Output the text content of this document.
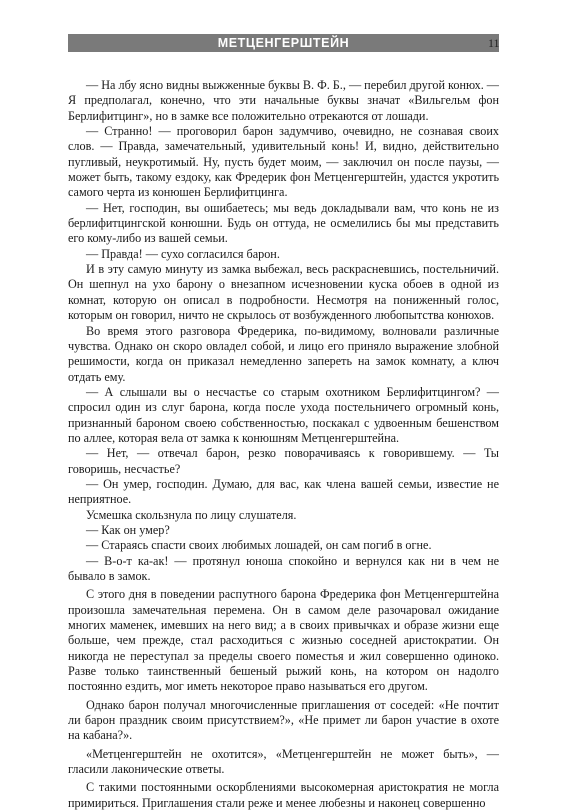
МЕТЦЕНГЕРШТЕЙН	11

— На лбу ясно видны выжженные буквы В. Ф. Б., — перебил другой конюх. — Я предполагал, конечно, что эти начальные буквы значат «Вильгельм фон Берлифитцинг», но в замке все положительно отрекаются от лошади.

— Странно! — проговорил барон задумчиво, очевидно, не сознавая своих слов. — Правда, замечательный, удивительный конь! И, видно, действительно пугливый, неукротимый. Ну, пусть будет моим, — заключил он после паузы, — может быть, такому ездоку, как Фредерик фон Метценгерштейн, удастся укротить самого черта из конюшен Берлифитцинга.

— Нет, господин, вы ошибаетесь; мы ведь докладывали вам, что конь не из берлифитцингской конюшни. Будь он оттуда, не осмелились бы мы представить его кому-либо из вашей семьи.

— Правда! — сухо согласился барон.

И в эту самую минуту из замка выбежал, весь раскрасневшись, постельничий. Он шепнул на ухо барону о внезапном исчезновении куска обоев в одной из комнат, которую он описал в подробности. Несмотря на пониженный голос, которым он говорил, ничто не скрылось от возбужденного любопытства конюхов.

Во время этого разговора Фредерика, по-видимому, волновали различные чувства. Однако он скоро овладел собой, и лицо его приняло выражение злобной решимости, когда он приказал немедленно запереть на замок комнату, а ключ отдать ему.

— А слышали вы о несчастье со старым охотником Берлифитцингом? — спросил один из слуг барона, когда после ухода постельничего огромный конь, признанный бароном своею собственностью, поскакал с удвоенным бешенством по аллее, которая вела от замка к конюшням Метценгерштейна.

— Нет, — отвечал барон, резко поворачиваясь к говорившему. — Ты говоришь, несчастье?

— Он умер, господин. Думаю, для вас, как члена вашей семьи, известие не неприятное.

Усмешка скользнула по лицу слушателя.

— Как он умер?

— Стараясь спасти своих любимых лошадей, он сам погиб в огне.

— В-о-т ка-ак! — протянул юноша спокойно и вернулся как ни в чем не бывало в замок.

С этого дня в поведении распутного барона Фредерика фон Метценгерштейна произошла замечательная перемена. Он в самом деле разочаровал ожидание многих маменек, имевших на него вид; а в своих привычках и образе жизни еще больше, чем прежде, стал расходиться с жизнью соседней аристократии. Он никогда не переступал за пределы своего поместья и жил совершенно одиноко. Разве только таинственный бешеный рыжий конь, на котором он надолго постоянно ездить, мог иметь некоторое право называться его другом.

Однако барон получал многочисленные приглашения от соседей: «Не почтит ли барон праздник своим присутствием?», «Не примет ли барон участие в охоте на кабана?».

«Метценгерштейн не охотится», «Метценгерштейн не может быть», — гласили лаконические ответы.

С такими постоянными оскорблениями высокомерная аристократия не могла примириться. Приглашения стали реже и менее любезны и наконец совершенно
